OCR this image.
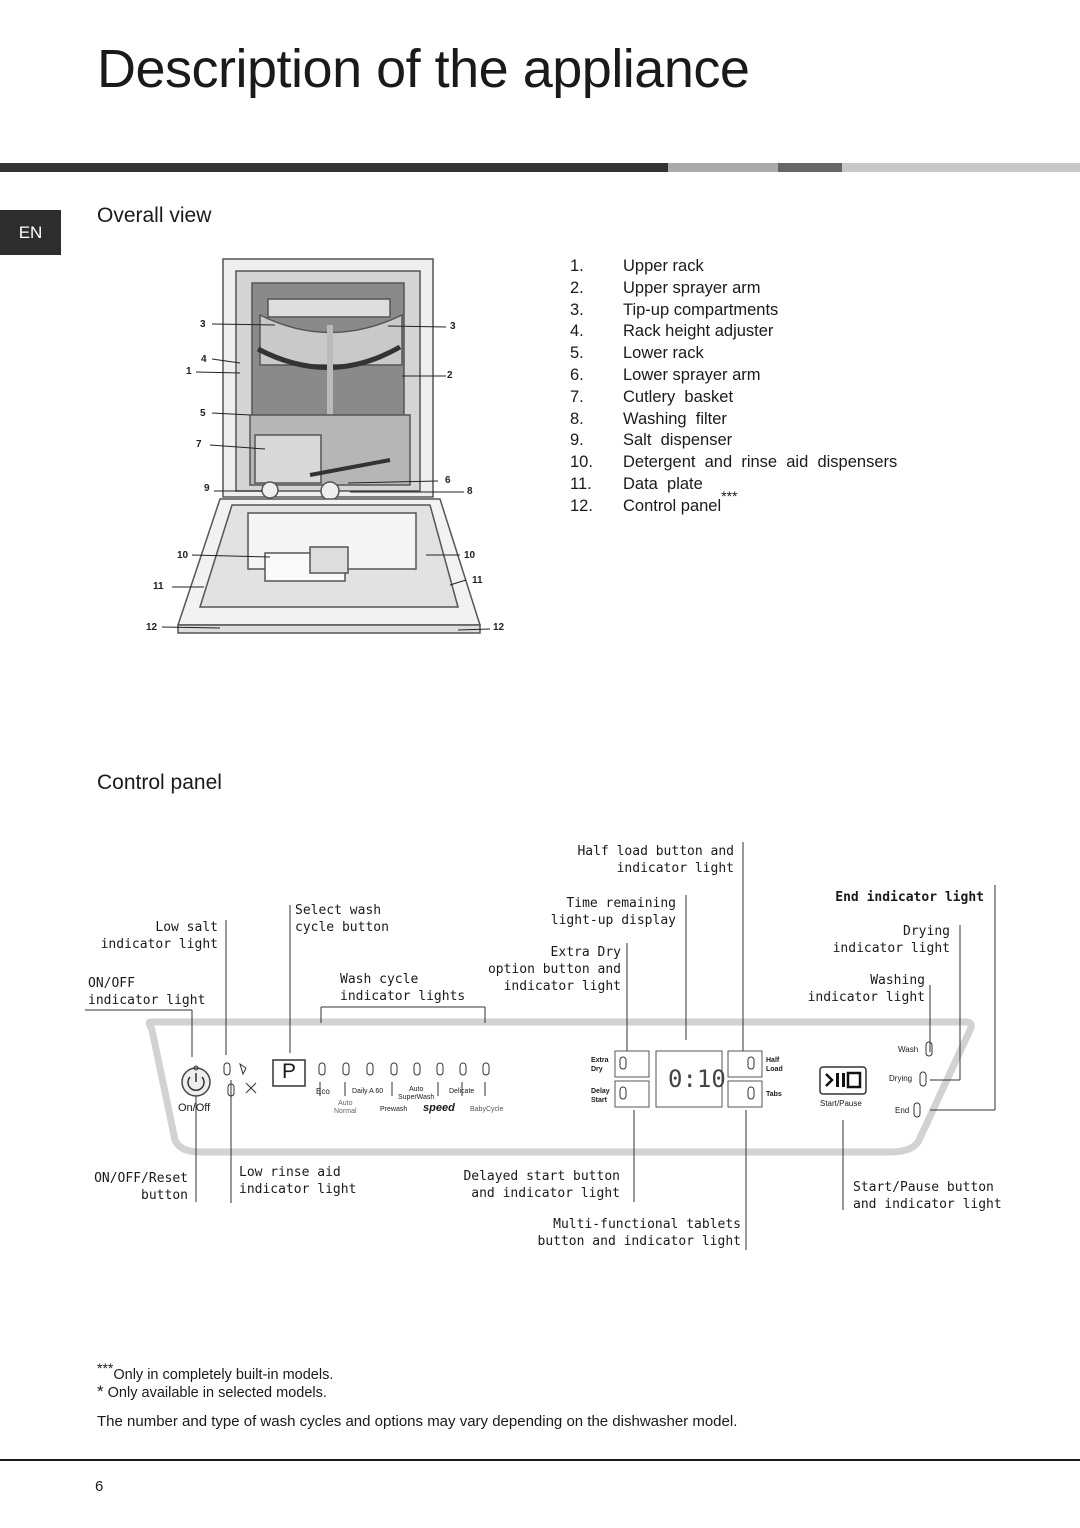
Description of the appliance
EN
Overall view
3
4
1
5
7
9
10
11
12
3
2
6
8
10
11
12
1.	Upper rack
2.	Upper sprayer arm
3.	Tip-up compartments
4.	Rack height adjuster
5.	Lower rack
6.	Lower sprayer arm
7.	Cutlery  basket
8.	Washing  filter
9.	Salt  dispenser
10.	Detergent  and  rinse  aid  dispensers
11.	Data  plate
12.	Control panel
***
Control panel
Low salt
indicator light
ON/OFF
indicator light
Select wash
cycle button
Wash cycle
indicator lights
Half load button and
indicator light
Time remaining
light-up display
Extra Dry
option button and
indicator light
End indicator light
Drying
indicator light
Washing
indicator light
ON/OFF/Reset
button
Low rinse aid
indicator light
Delayed start button
and indicator light
Multi-functional tablets
button and indicator light
Start/Pause button
and indicator light
On/Off
P
Eco	Daily A 60	Auto
SuperWash
Delicate
Auto
Normal	Prewash speed BabyCycle
Extra
Dry
Delay
Start
0:10
Half
Load
Tabs
Start/Pause
Wash
Drying
End
***Only in completely built-in models.
* Only available in selected models.
The number and type of wash cycles and options may vary depending on the dishwasher model.
6
